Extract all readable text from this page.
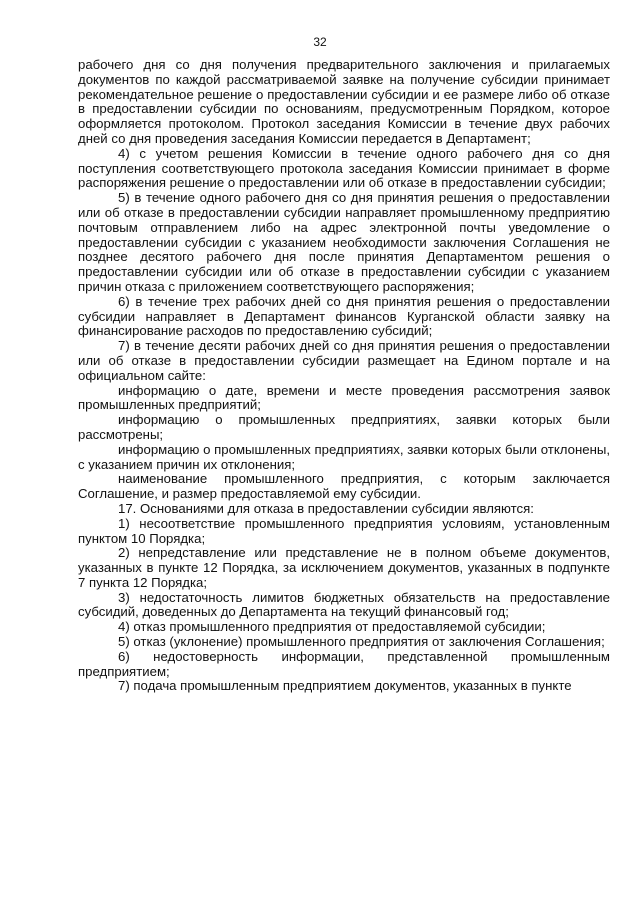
32

рабочего дня со дня получения предварительного заключения и прилагаемых документов по каждой рассматриваемой заявке на получение субсидии принимает рекомендательное решение о предоставлении субсидии и ее размере либо об отказе в предоставлении субсидии по основаниям, предусмотренным Порядком, которое оформляется протоколом. Протокол заседания Комиссии в течение двух рабочих дней со дня проведения заседания Комиссии передается в Департамент;

4) с учетом решения Комиссии в течение одного рабочего дня со дня поступления соответствующего протокола заседания Комиссии принимает в форме распоряжения решение о предоставлении или об отказе в предоставлении субсидии;

5) в течение одного рабочего дня со дня принятия решения о предоставлении или об отказе в предоставлении субсидии направляет промышленному предприятию почтовым отправлением либо на адрес электронной почты уведомление о предоставлении субсидии с указанием необходимости заключения Соглашения не позднее десятого рабочего дня после принятия Департаментом решения о предоставлении субсидии или об отказе в предоставлении субсидии с указанием причин отказа с приложением соответствующего распоряжения;

6) в течение трех рабочих дней со дня принятия решения о предоставлении субсидии направляет в Департамент финансов Курганской области заявку на финансирование расходов по предоставлению субсидий;

7) в течение десяти рабочих дней со дня принятия решения о предоставлении или об отказе в предоставлении субсидии размещает на Едином портале и на официальном сайте:

информацию о дате, времени и месте проведения рассмотрения заявок промышленных предприятий;

информацию о промышленных предприятиях, заявки которых были рассмотрены;

информацию о промышленных предприятиях, заявки которых были отклонены, с указанием причин их отклонения;

наименование промышленного предприятия, с которым заключается Соглашение, и размер предоставляемой ему субсидии.

17. Основаниями для отказа в предоставлении субсидии являются:

1) несоответствие промышленного предприятия условиям, установленным пунктом 10 Порядка;

2) непредставление или представление не в полном объеме документов, указанных в пункте 12 Порядка, за исключением документов, указанных в подпункте 7 пункта 12 Порядка;

3) недостаточность лимитов бюджетных обязательств на предоставление субсидий, доведенных до Департамента на текущий финансовый год;

4) отказ промышленного предприятия от предоставляемой субсидии;

5) отказ (уклонение) промышленного предприятия от заключения Соглашения;

6) недостоверность информации, представленной промышленным предприятием;

7) подача промышленным предприятием документов, указанных в пункте
